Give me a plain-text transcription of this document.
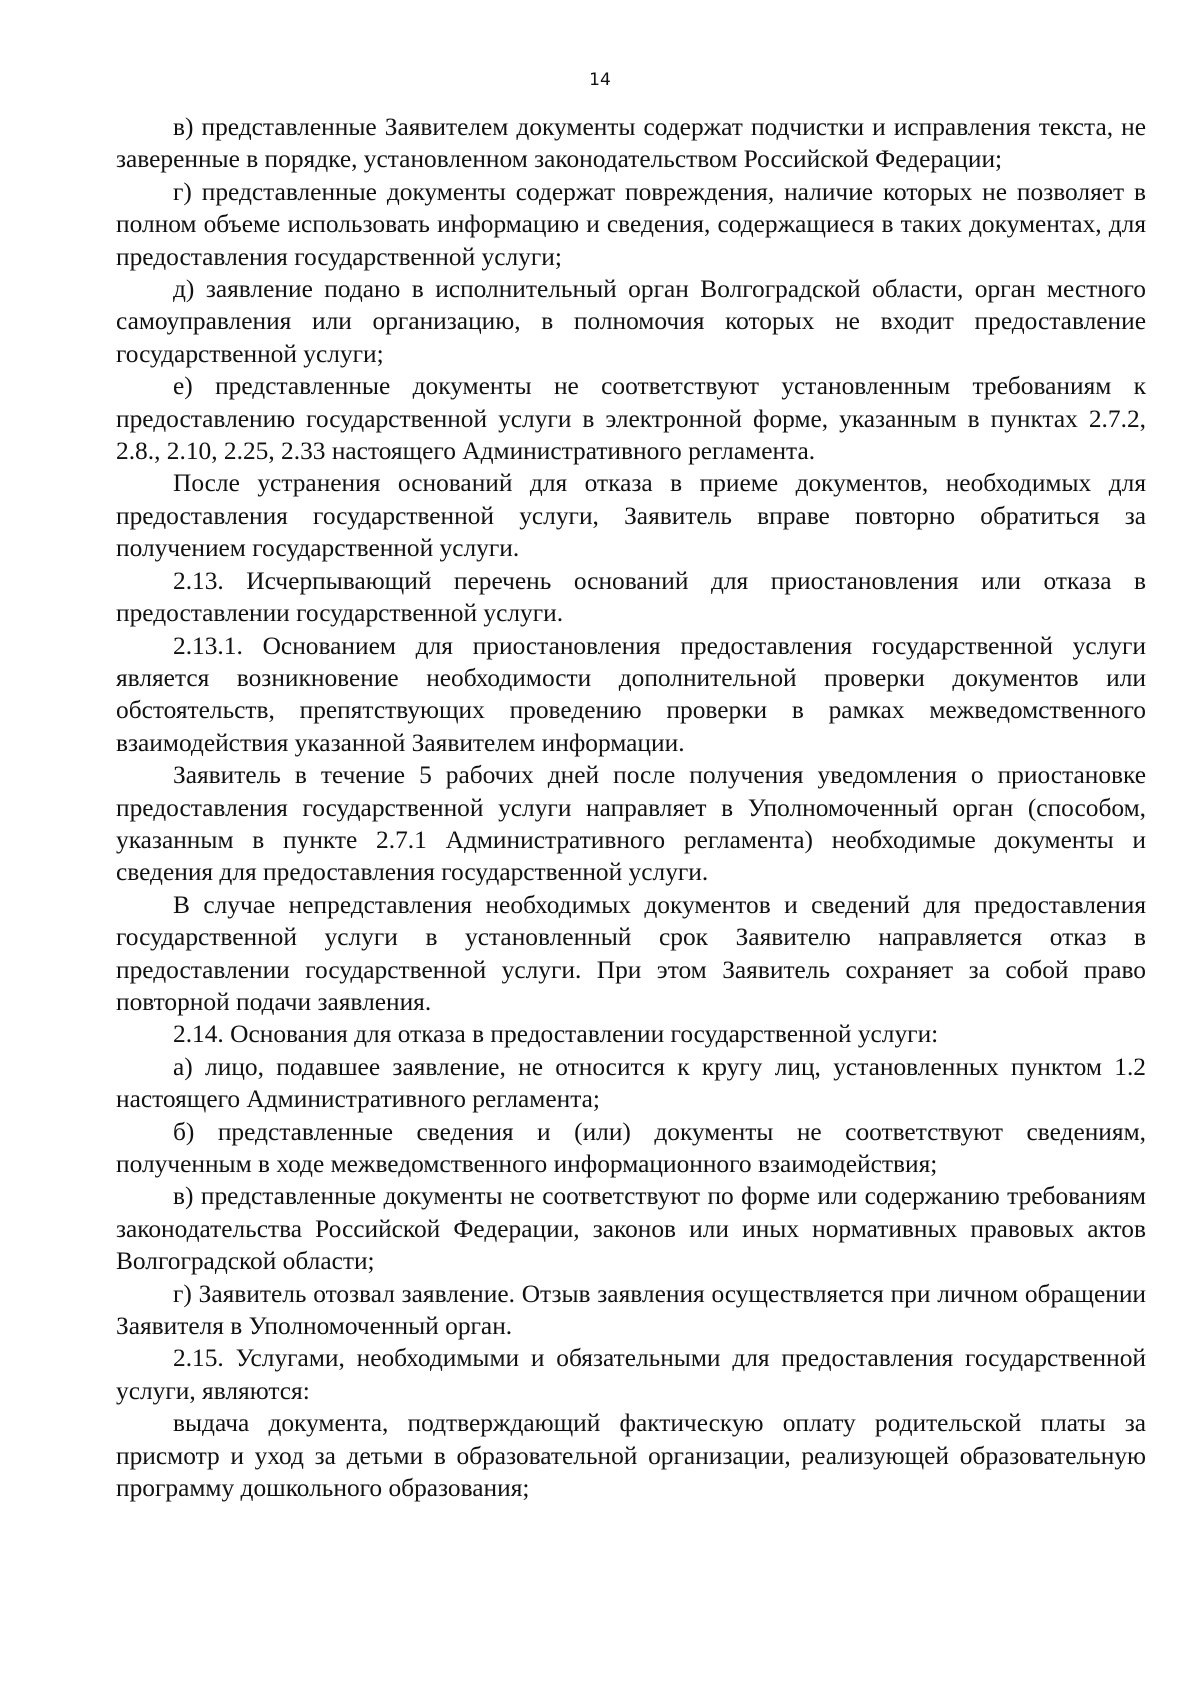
14

в) представленные Заявителем документы содержат подчистки и исправления текста, не заверенные в порядке, установленном законодательством Российской Федерации;

г) представленные документы содержат повреждения, наличие которых не позволяет в полном объеме использовать информацию и сведения, содержащиеся в таких документах, для предоставления государственной услуги;

д) заявление подано в исполнительный орган Волгоградской области, орган местного самоуправления или организацию, в полномочия которых не входит предоставление государственной услуги;

е) представленные документы не соответствуют установленным требованиям к предоставлению государственной услуги в электронной форме, указанным в пунктах 2.7.2, 2.8., 2.10, 2.25, 2.33 настоящего Административного регламента.

После устранения оснований для отказа в приеме документов, необходимых для предоставления государственной услуги, Заявитель вправе повторно обратиться за получением государственной услуги.

2.13. Исчерпывающий перечень оснований для приостановления или отказа в предоставлении государственной услуги.

2.13.1. Основанием для приостановления предоставления государственной услуги является возникновение необходимости дополнительной проверки документов или обстоятельств, препятствующих проведению проверки в рамках межведомственного взаимодействия указанной Заявителем информации.

Заявитель в течение 5 рабочих дней после получения уведомления о приостановке предоставления государственной услуги направляет в Уполномоченный орган (способом, указанным в пункте 2.7.1 Административного регламента) необходимые документы и сведения для предоставления государственной услуги.

В случае непредставления необходимых документов и сведений для предоставления государственной услуги в установленный срок Заявителю направляется отказ в предоставлении государственной услуги. При этом Заявитель сохраняет за собой право повторной подачи заявления.

2.14. Основания для отказа в предоставлении государственной услуги:

а) лицо, подавшее заявление, не относится к кругу лиц, установленных пунктом 1.2 настоящего Административного регламента;

б) представленные сведения и (или) документы не соответствуют сведениям, полученным в ходе межведомственного информационного взаимодействия;

в) представленные документы не соответствуют по форме или содержанию требованиям законодательства Российской Федерации, законов или иных нормативных правовых актов Волгоградской области;

г) Заявитель отозвал заявление. Отзыв заявления осуществляется при личном обращении Заявителя в Уполномоченный орган.

2.15. Услугами, необходимыми и обязательными для предоставления государственной услуги, являются:

выдача документа, подтверждающий фактическую оплату родительской платы за присмотр и уход за детьми в образовательной организации, реализующей образовательную программу дошкольного образования;
